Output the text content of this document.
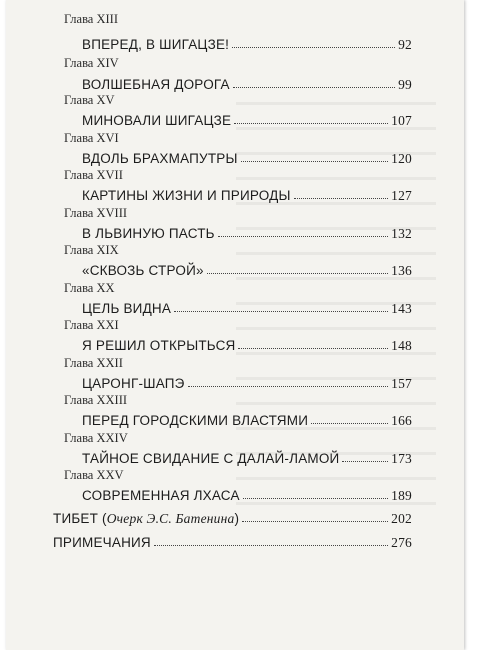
Глава XIII
ВПЕРЕД, В ШИГАЦЗЕ!	92
Глава XIV
ВОЛШЕБНАЯ ДОРОГА	99
Глава XV
МИНОВАЛИ ШИГАЦЗЕ	107
Глава XVI
ВДОЛЬ БРАХМАПУТРЫ	120
Глава XVII
КАРТИНЫ ЖИЗНИ И ПРИРОДЫ	127
Глава XVIII
В ЛЬВИНУЮ ПАСТЬ	132
Глава XIX
«СКВОЗЬ СТРОЙ»	136
Глава XX
ЦЕЛЬ ВИДНА	143
Глава XXI
Я РЕШИЛ ОТКРЫТЬСЯ	148
Глава XXII
ЦАРОНГ-ШАПЭ	157
Глава XXIII
ПЕРЕД ГОРОДСКИМИ ВЛАСТЯМИ	166
Глава XXIV
ТАЙНОЕ СВИДАНИЕ С ДАЛАЙ-ЛАМОЙ	173
Глава XXV
СОВРЕМЕННАЯ ЛХАСА	189
ТИБЕТ (Очерк Э.С. Батенина)	202
ПРИМЕЧАНИЯ	276
